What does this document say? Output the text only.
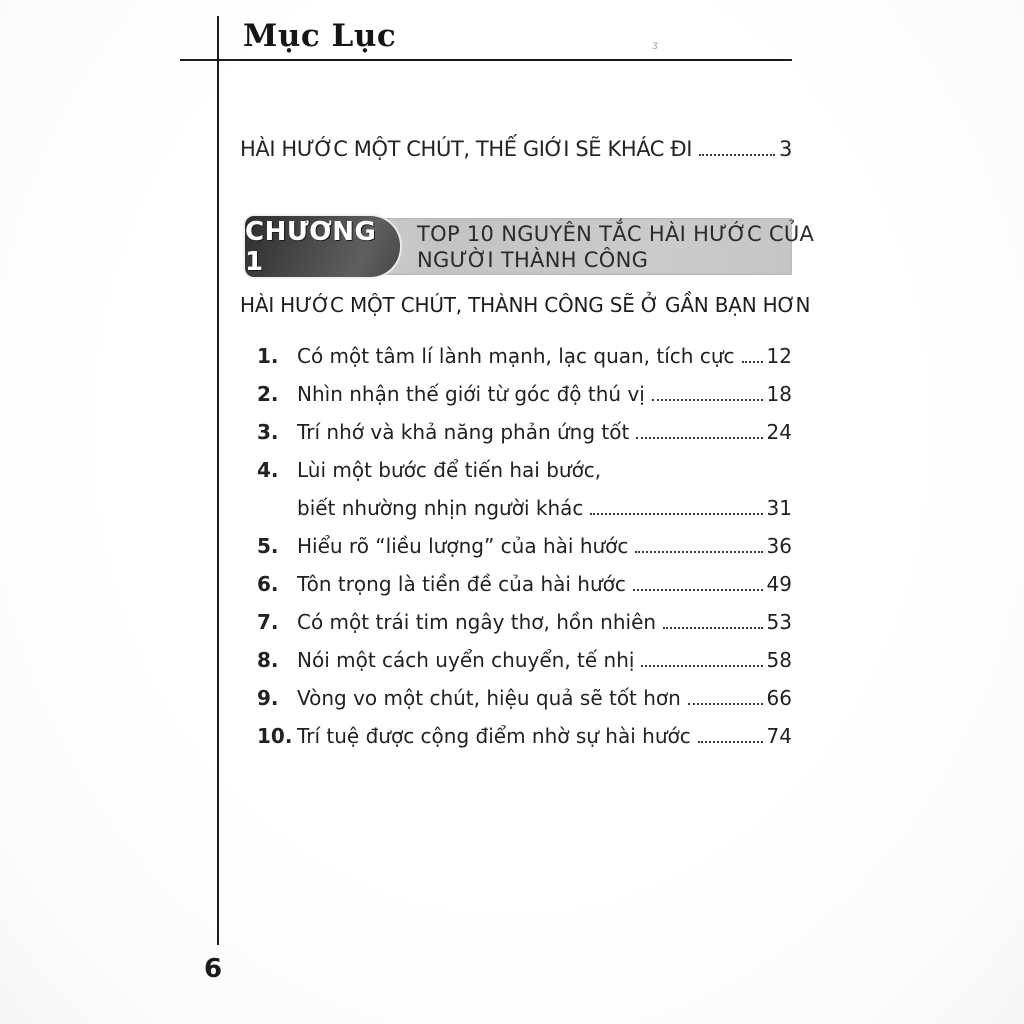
Mục Lục	ᴣ
HÀI HƯỚC MỘT CHÚT, THẾ GIỚI SẼ KHÁC ĐI	3
CHƯƠNG 1
TOP 10 NGUYÊN TẮC HÀI HƯỚC CỦA
NGƯỜI THÀNH CÔNG
HÀI HƯỚC MỘT CHÚT, THÀNH CÔNG SẼ Ở GẦN BẠN HƠN
1. Có một tâm lí lành mạnh, lạc quan, tích cực 12
2. Nhìn nhận thế giới từ góc độ thú vị	18
3. Trí nhớ và khả năng phản ứng tốt	24
4. Lùi một bước để tiến hai bước,
biết nhường nhịn người khác	31
5. Hiểu rõ “liều lượng” của hài hước	36
6. Tôn trọng là tiền đề của hài hước	49
7. Có một trái tim ngây thơ, hồn nhiên	53
8. Nói một cách uyển chuyển, tế nhị	58
9. Vòng vo một chút, hiệu quả sẽ tốt hơn	66
10. Trí tuệ được cộng điểm nhờ sự hài hước	74
6
